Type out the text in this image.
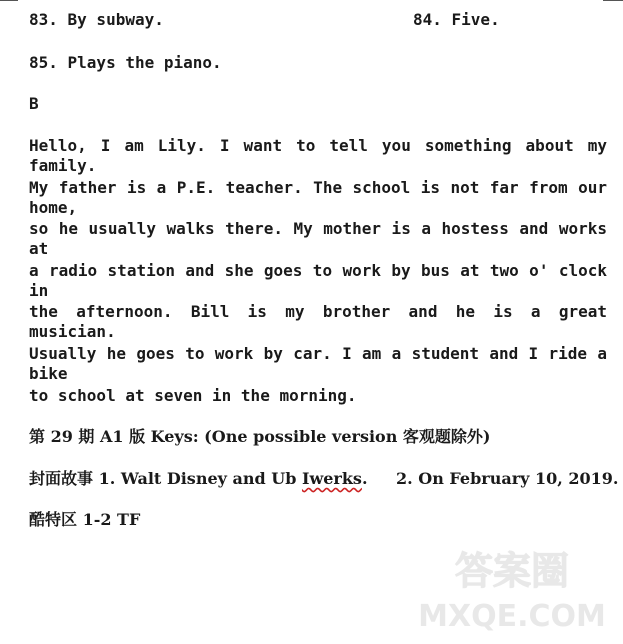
83. By subway.	84. Five.
85. Plays the piano.
B
Hello, I am Lily. I want to tell you something about my family.
My father is a P.E. teacher. The school is not far from our home,
so he usually walks there. My mother is a hostess and works at
a radio station and she goes to work by bus at two o' clock in
the afternoon. Bill is my brother and he is a great musician.
Usually he goes to work by car. I am a student and I ride a bike
to school at seven in the morning.
第 29 期 A1 版 Keys: (One possible version 客观题除外)
封面故事 1. Walt Disney and Ub Iwerks. 2. On February 10, 2019.
酷特区 1-2 TF
答案圈
MXQE.COM
